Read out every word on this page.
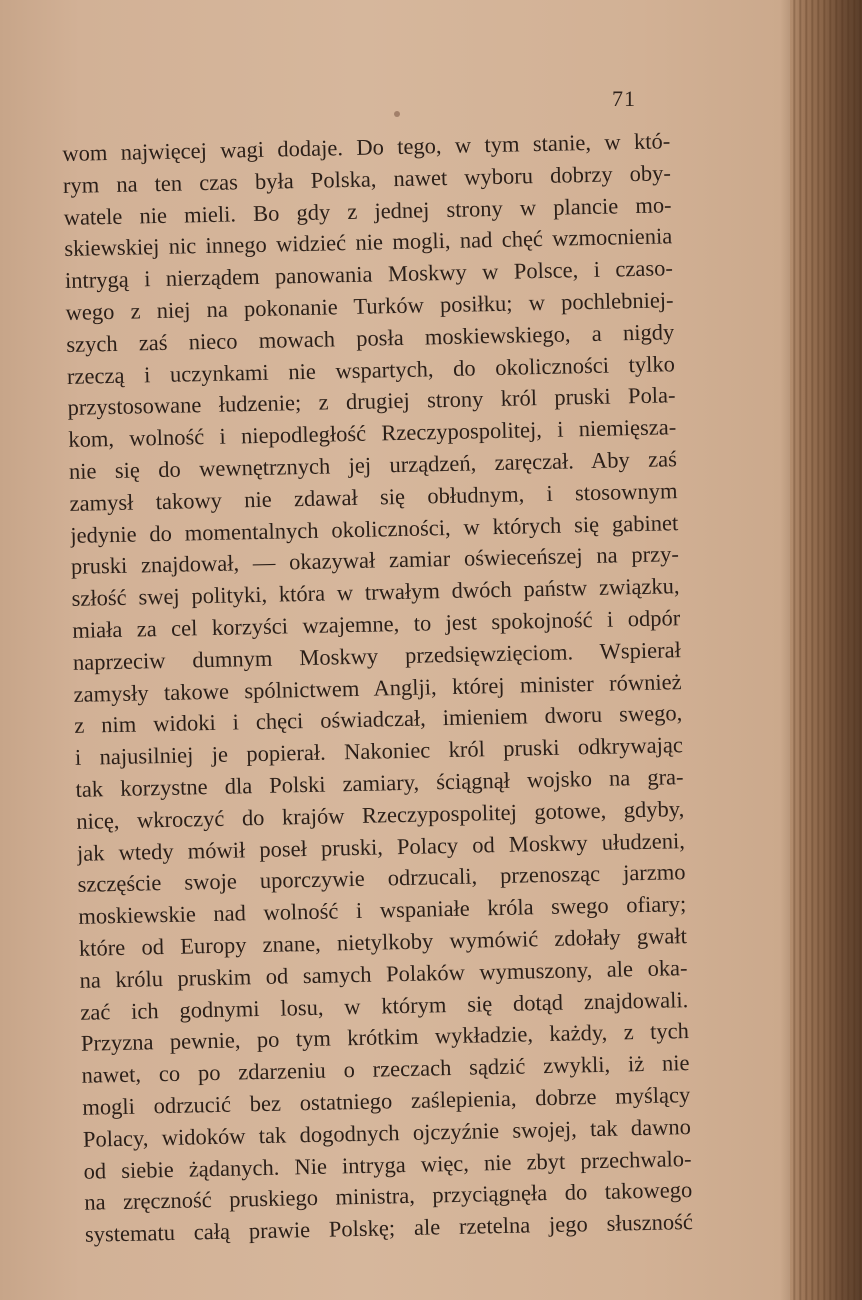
71
wom najwięcej wagi dodaje. Do tego, w tym stanie, w któ-
rym na ten czas była Polska, nawet wyboru dobrzy oby-
watele nie mieli. Bo gdy z jednej strony w plancie mo-
skiewskiej nic innego widzieć nie mogli, nad chęć wzmocnienia
intrygą i nierządem panowania Moskwy w Polsce, i czaso-
wego z niej na pokonanie Turków posiłku; w pochlebniej-
szych zaś nieco mowach posła moskiewskiego, a nigdy
rzeczą i uczynkami nie wspartych, do okoliczności tylko
przystosowane łudzenie; z drugiej strony król pruski Pola-
kom, wolność i niepodległość Rzeczypospolitej, i niemięsza-
nie się do wewnętrznych jej urządzeń, zaręczał. Aby zaś
zamysł takowy nie zdawał się obłudnym, i stosownym
jedynie do momentalnych okoliczności, w których się gabinet
pruski znajdował, — okazywał zamiar oświeceńszej na przy-
szłość swej polityki, która w trwałym dwóch państw związku,
miała za cel korzyści wzajemne, to jest spokojność i odpór
naprzeciw dumnym Moskwy przedsięwzięciom. Wspierał
zamysły takowe spólnictwem Anglji, której minister również
z nim widoki i chęci oświadczał, imieniem dworu swego,
i najusilniej je popierał. Nakoniec król pruski odkrywając
tak korzystne dla Polski zamiary, ściągnął wojsko na gra-
nicę, wkroczyć do krajów Rzeczypospolitej gotowe, gdyby,
jak wtedy mówił poseł pruski, Polacy od Moskwy ułudzeni,
szczęście swoje uporczywie odrzucali, przenosząc jarzmo
moskiewskie nad wolność i wspaniałe króla swego ofiary;
które od Europy znane, nietylkoby wymówić zdołały gwałt
na królu pruskim od samych Polaków wymuszony, ale oka-
zać ich godnymi losu, w którym się dotąd znajdowali.
Przyzna pewnie, po tym krótkim wykładzie, każdy, z tych
nawet, co po zdarzeniu o rzeczach sądzić zwykli, iż nie
mogli odrzucić bez ostatniego zaślepienia, dobrze myślący
Polacy, widoków tak dogodnych ojczyźnie swojej, tak dawno
od siebie żądanych. Nie intryga więc, nie zbyt przechwalo-
na zręczność pruskiego ministra, przyciągnęła do takowego
systematu całą prawie Polskę; ale rzetelna jego słuszność
